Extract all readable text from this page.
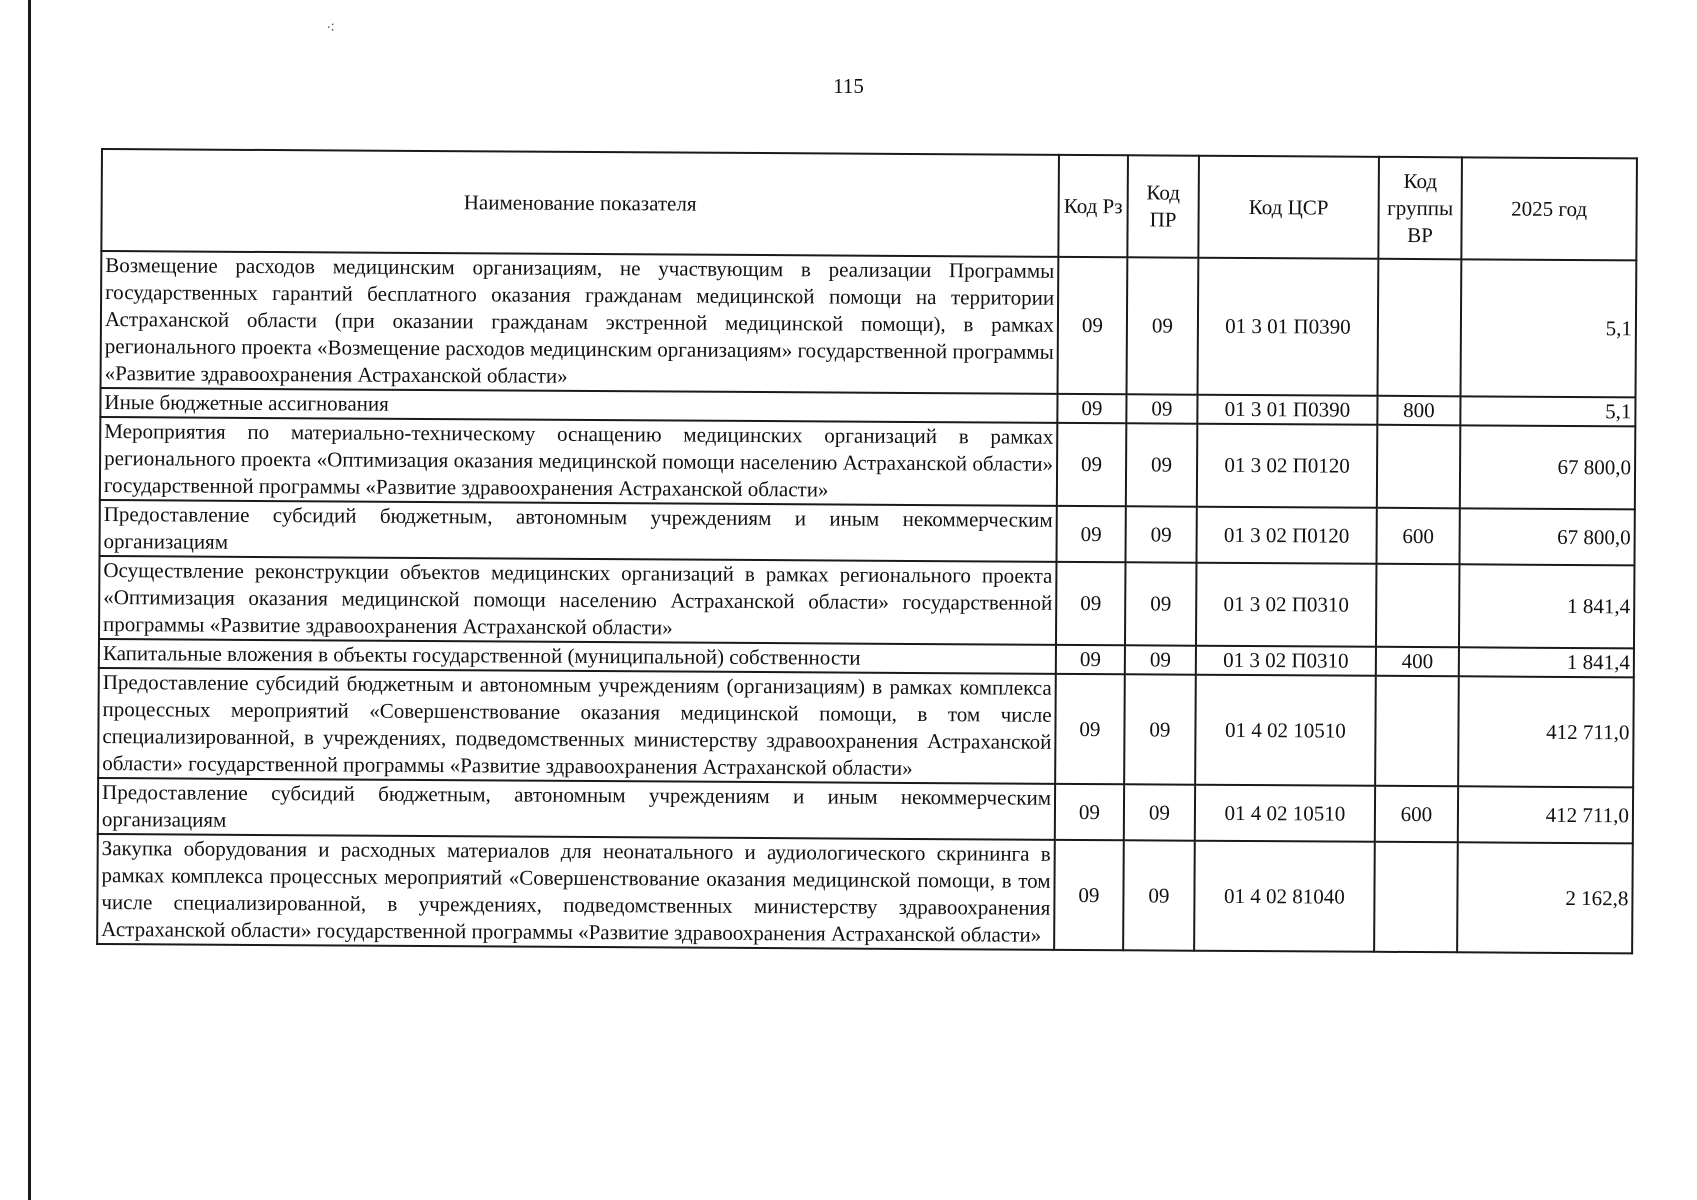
⁖
115
Наименование показателя	Код Рз	Код ПР	Код ЦСР	Код группы ВР	2025 год
Возмещение расходов медицинским организациям, не участвующим в реализации Программы государственных гарантий бесплатного оказания гражданам медицинской помощи на территории Астраханской области (при оказании гражданам экстренной медицинской помощи), в рамках регионального проекта «Возмещение расходов медицинским организациям» государственной программы «Развитие здравоохранения Астраханской области»	09	09	01 3 01 П0390		5,1
Иные бюджетные ассигнования	09	09	01 3 01 П0390	800	5,1
Мероприятия по материально-техническому оснащению медицинских организаций в рамках регионального проекта «Оптимизация оказания медицинской помощи населению Астраханской области» государственной программы «Развитие здравоохранения Астраханской области»	09	09	01 3 02 П0120		67 800,0
Предоставление субсидий бюджетным, автономным учреждениям и иным некоммерческим организациям	09	09	01 3 02 П0120	600	67 800,0
Осуществление реконструкции объектов медицинских организаций в рамках регионального проекта «Оптимизация оказания медицинской помощи населению Астраханской области» государственной программы «Развитие здравоохранения Астраханской области»	09	09	01 3 02 П0310		1 841,4
Капитальные вложения в объекты государственной (муниципальной) собственности	09	09	01 3 02 П0310	400	1 841,4
Предоставление субсидий бюджетным и автономным учреждениям (организациям) в рамках комплекса процессных мероприятий «Совершенствование оказания медицинской помощи, в том числе специализированной, в учреждениях, подведомственных министерству здравоохранения Астраханской области» государственной программы «Развитие здравоохранения Астраханской области»	09	09	01 4 02 10510		412 711,0
Предоставление субсидий бюджетным, автономным учреждениям и иным некоммерческим организациям	09	09	01 4 02 10510	600	412 711,0
Закупка оборудования и расходных материалов для неонатального и аудиологического скрининга в рамках комплекса процессных мероприятий «Совершенствование оказания медицинской помощи, в том числе специализированной, в учреждениях, подведомственных министерству здравоохранения Астраханской области» государственной программы «Развитие здравоохранения Астраханской области»	09	09	01 4 02 81040		2 162,8
